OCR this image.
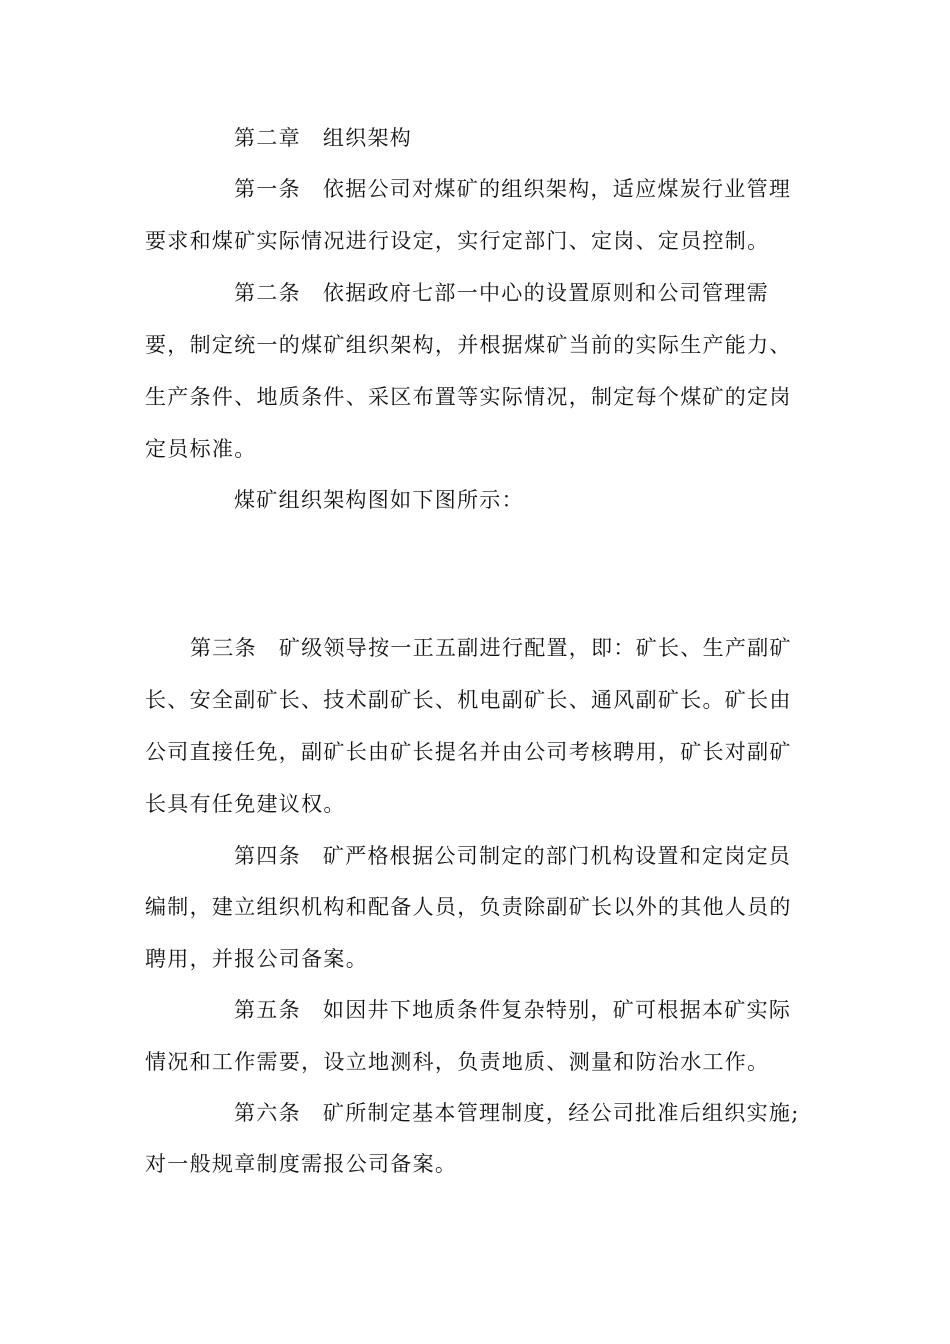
第二章 组织架构
第一条 依据公司对煤矿的组织架构，适应煤炭行业管理
要求和煤矿实际情况进行设定，实行定部门、定岗、定员控制。
第二条 依据政府七部一中心的设置原则和公司管理需
要，制定统一的煤矿组织架构，并根据煤矿当前的实际生产能力、
生产条件、地质条件、采区布置等实际情况，制定每个煤矿的定岗
定员标准。
煤矿组织架构图如下图所示：
第三条 矿级领导按一正五副进行配置，即：矿长、生产副矿
长、安全副矿长、技术副矿长、机电副矿长、通风副矿长。矿长由
公司直接任免，副矿长由矿长提名并由公司考核聘用，矿长对副矿
长具有任免建议权。
第四条 矿严格根据公司制定的部门机构设置和定岗定员
编制，建立组织机构和配备人员，负责除副矿长以外的其他人员的
聘用，并报公司备案。
第五条 如因井下地质条件复杂特别，矿可根据本矿实际
情况和工作需要，设立地测科，负责地质、测量和防治水工作。
第六条 矿所制定基本管理制度，经公司批准后组织实施;
对一般规章制度需报公司备案。
